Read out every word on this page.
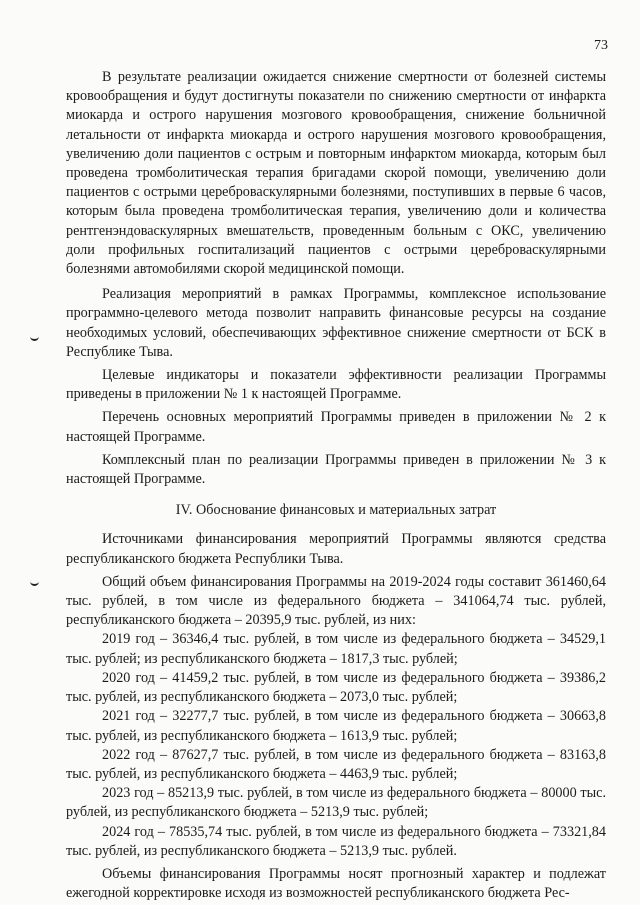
73

В результате реализации ожидается снижение смертности от болезней системы кровообращения и будут достигнуты показатели по снижению смертности от инфаркта миокарда и острого нарушения мозгового кровообращения, снижение больничной летальности от инфаркта миокарда и острого нарушения мозгового кровообращения, увеличению доли пациентов с острым и повторным инфарктом миокарда, которым был проведена тромболитическая терапия бригадами скорой помощи, увеличению доли пациентов с острыми цереброваскулярными болезнями, поступивших в первые 6 часов, которым была проведена тромболитическая терапия, увеличению доли и количества рентгенэндоваскулярных вмешательств, проведенным больным с ОКС, увеличению доли профильных госпитализаций пациентов с острыми цереброваскулярными болезнями автомобилями скорой медицинской помощи.

Реализация мероприятий в рамках Программы, комплексное использование программно-целевого метода позволит направить финансовые ресурсы на создание необходимых условий, обеспечивающих эффективное снижение смертности от БСК в Республике Тыва.

Целевые индикаторы и показатели эффективности реализации Программы приведены в приложении № 1 к настоящей Программе.

Перечень основных мероприятий Программы приведен в приложении № 2 к настоящей Программе.

Комплексный план по реализации Программы приведен в приложении № 3 к настоящей Программе.

IV. Обоснование финансовых и материальных затрат

Источниками финансирования мероприятий Программы являются средства республиканского бюджета Республики Тыва.

Общий объем финансирования Программы на 2019-2024 годы составит 361460,64 тыс. рублей, в том числе из федерального бюджета – 341064,74 тыс. рублей, республиканского бюджета – 20395,9 тыс. рублей, из них:

2019 год – 36346,4 тыс. рублей, в том числе из федерального бюджета – 34529,1 тыс. рублей; из республиканского бюджета – 1817,3 тыс. рублей;

2020 год – 41459,2 тыс. рублей, в том числе из федерального бюджета – 39386,2 тыс. рублей, из республиканского бюджета – 2073,0 тыс. рублей;

2021 год – 32277,7 тыс. рублей, в том числе из федерального бюджета – 30663,8 тыс. рублей, из республиканского бюджета – 1613,9 тыс. рублей;

2022 год – 87627,7 тыс. рублей, в том числе из федерального бюджета – 83163,8 тыс. рублей, из республиканского бюджета – 4463,9 тыс. рублей;

2023 год – 85213,9 тыс. рублей, в том числе из федерального бюджета – 80000 тыс. рублей, из республиканского бюджета – 5213,9 тыс. рублей;

2024 год – 78535,74 тыс. рублей, в том числе из федерального бюджета – 73321,84 тыс. рублей, из республиканского бюджета – 5213,9 тыс. рублей.

Объемы финансирования Программы носят прогнозный характер и подлежат ежегодной корректировке исходя из возможностей республиканского бюджета Рес-
